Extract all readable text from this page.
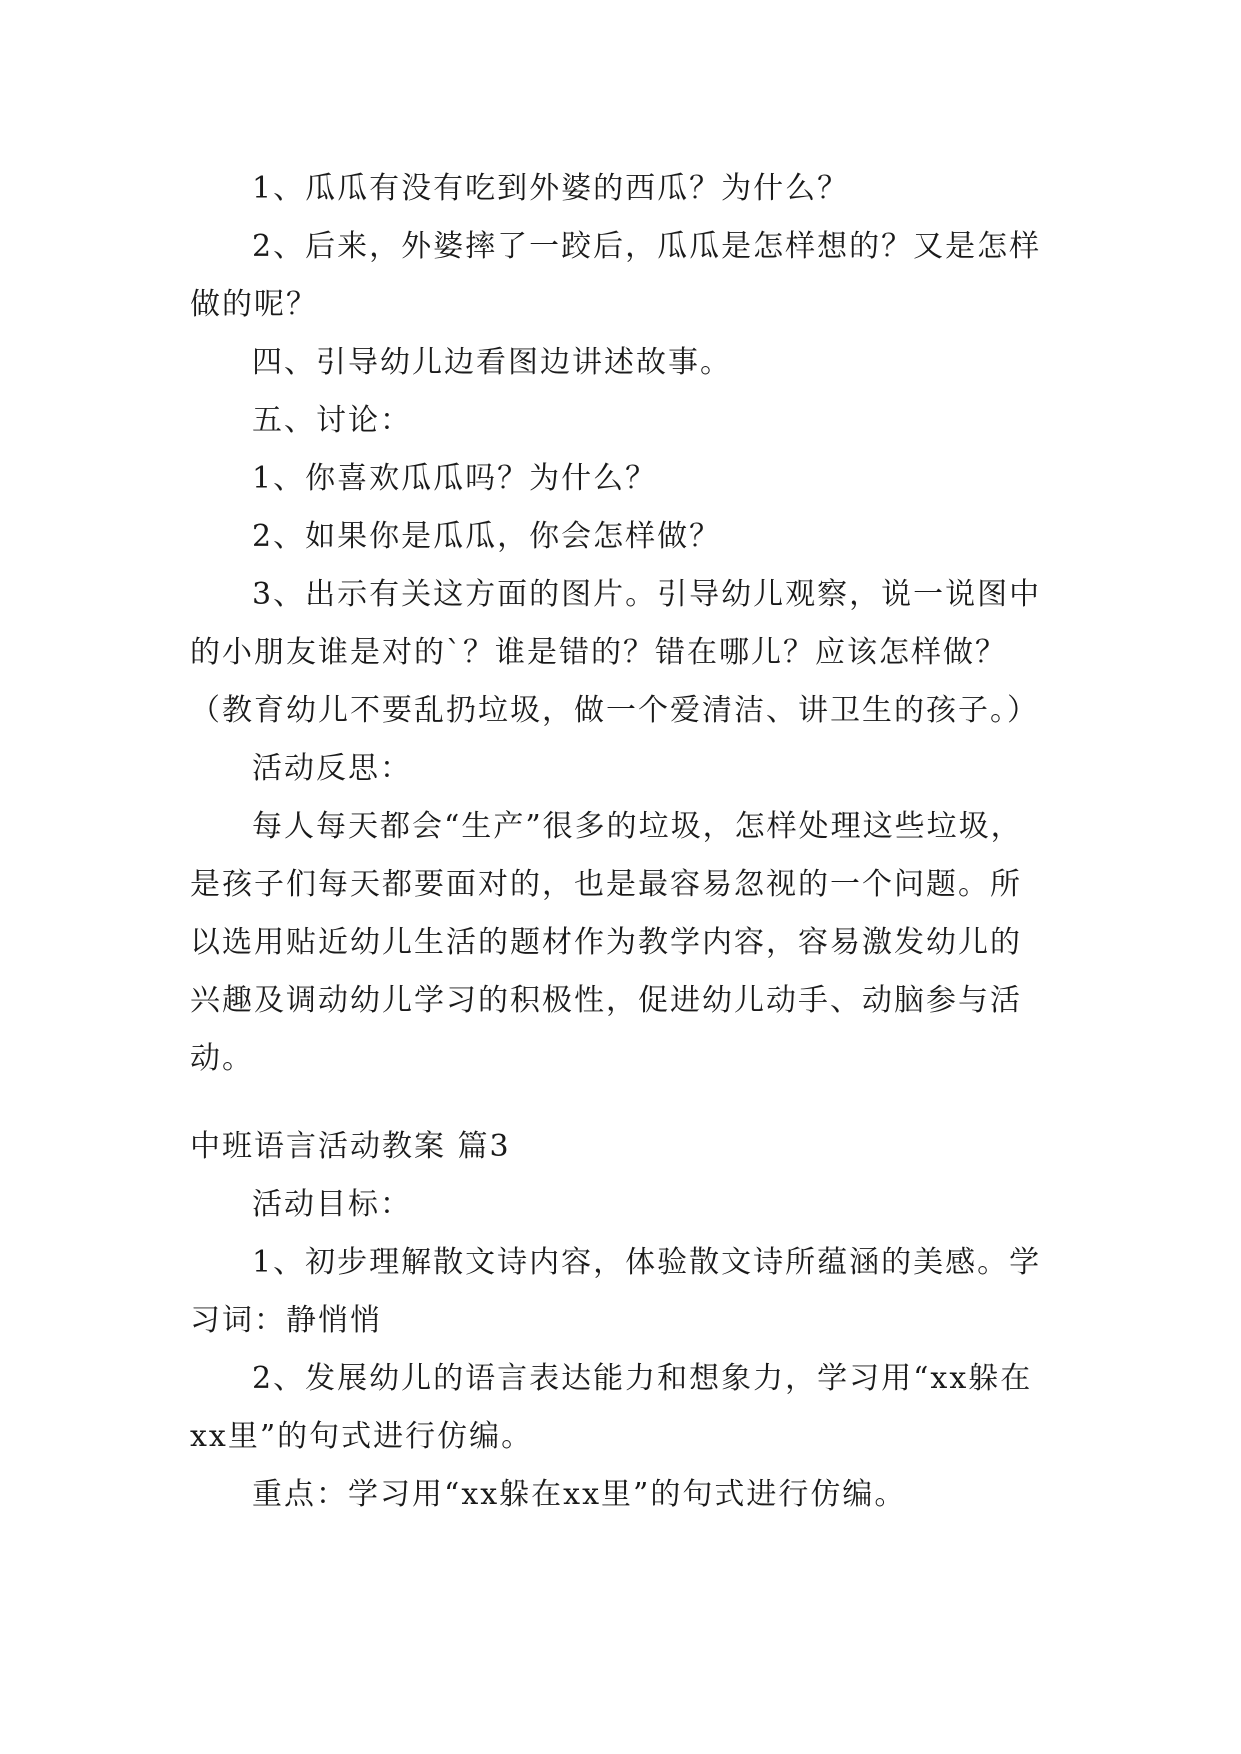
1、瓜瓜有没有吃到外婆的西瓜？为什么？

2、后来，外婆摔了一跤后，瓜瓜是怎样想的？又是怎样做的呢？

四、引导幼儿边看图边讲述故事。

五、讨论：

1、你喜欢瓜瓜吗？为什么？

2、如果你是瓜瓜，你会怎样做？

3、出示有关这方面的图片。引导幼儿观察，说一说图中的小朋友谁是对的`？谁是错的？错在哪儿？应该怎样做？（教育幼儿不要乱扔垃圾，做一个爱清洁、讲卫生的孩子。）

活动反思：

每人每天都会“生产”很多的垃圾，怎样处理这些垃圾，是孩子们每天都要面对的，也是最容易忽视的一个问题。所以选用贴近幼儿生活的题材作为教学内容，容易激发幼儿的兴趣及调动幼儿学习的积极性，促进幼儿动手、动脑参与活动。

中班语言活动教案 篇3

活动目标：

1、初步理解散文诗内容，体验散文诗所蕴涵的美感。学习词：静悄悄

2、发展幼儿的语言表达能力和想象力，学习用“xx躲在xx里”的句式进行仿编。

重点：学习用“xx躲在xx里”的句式进行仿编。
